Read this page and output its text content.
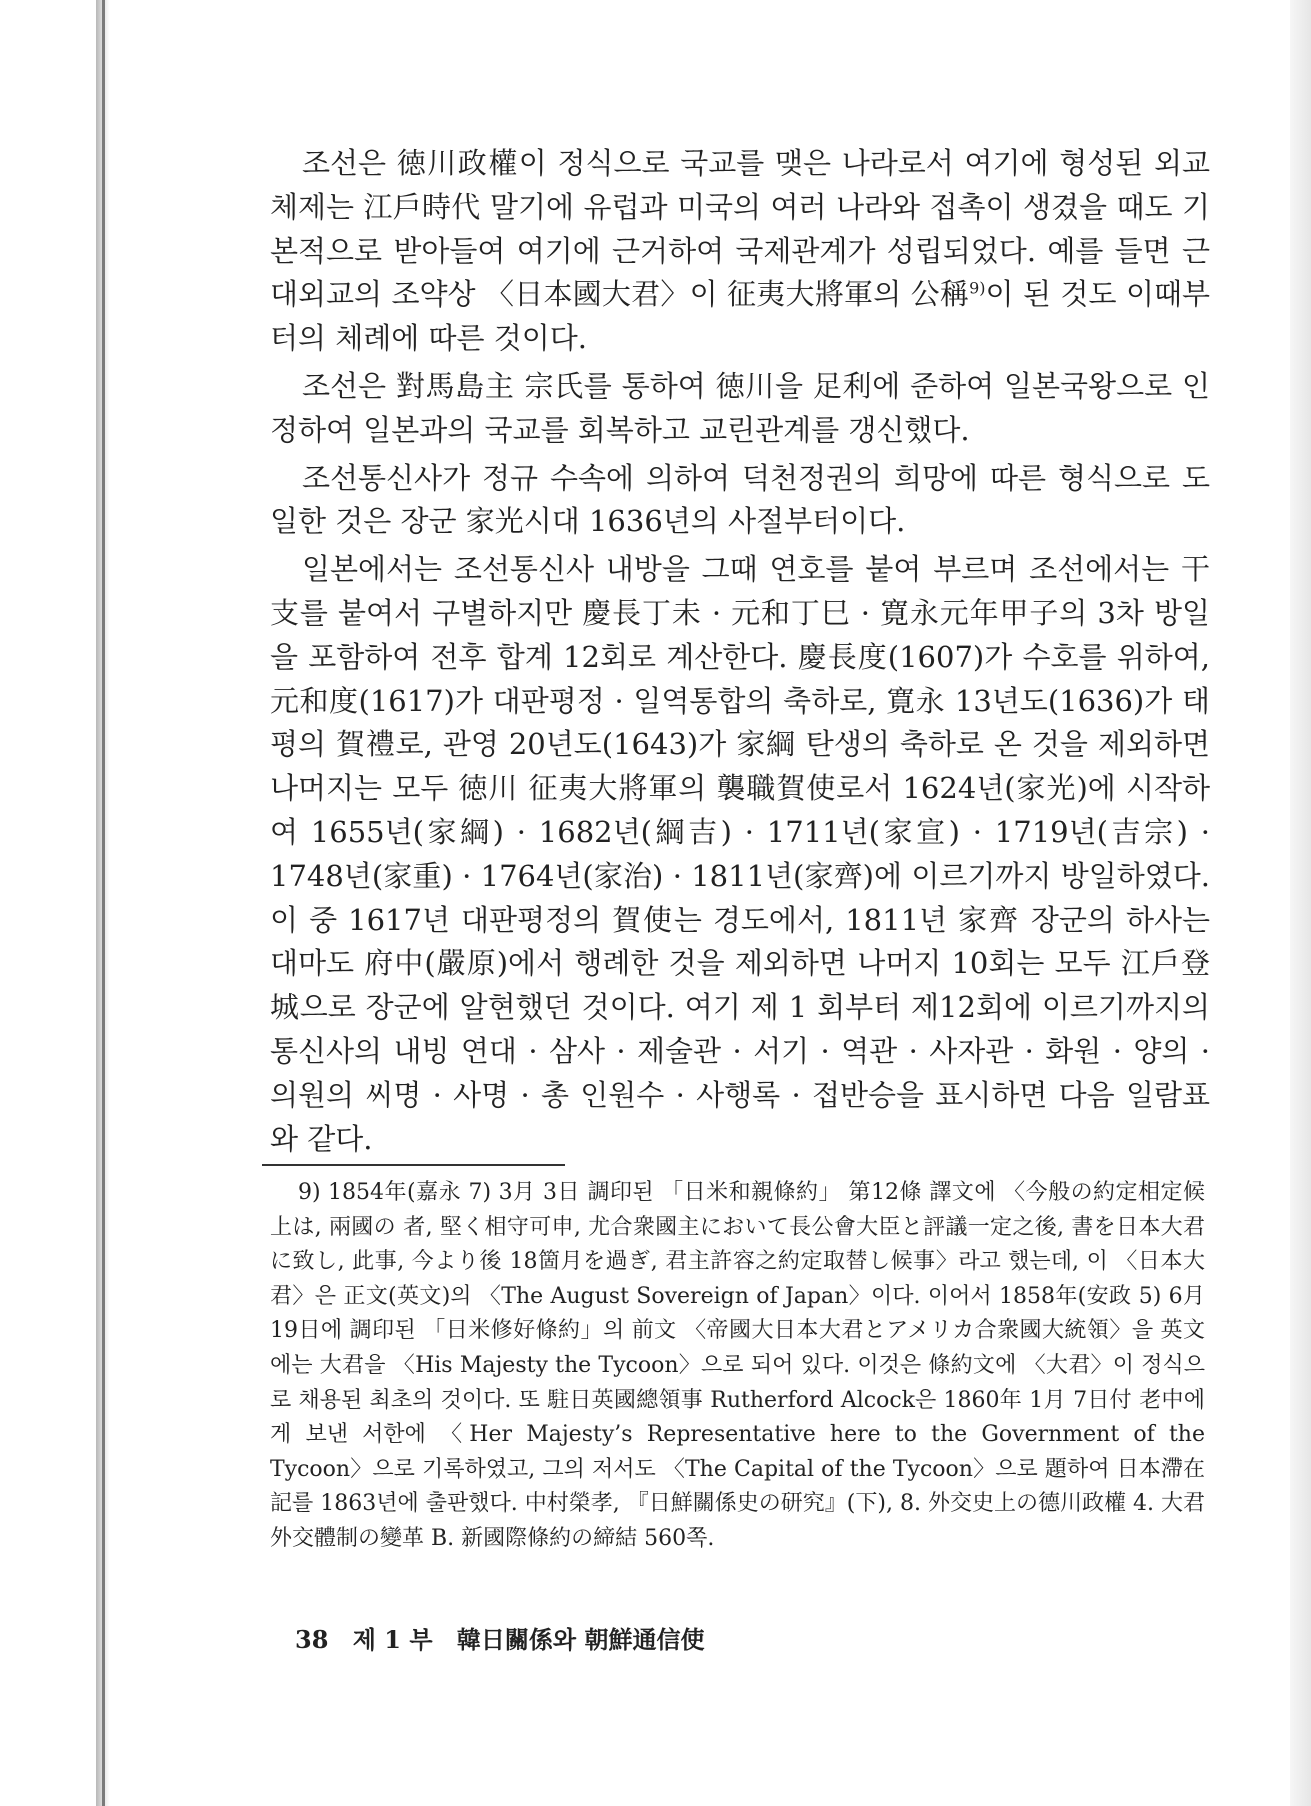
조선은 徳川政權이 정식으로 국교를 맺은 나라로서 여기에 형성된 외교체제는 江戶時代 말기에 유럽과 미국의 여러 나라와 접촉이 생겼을 때도 기본적으로 받아들여 여기에 근거하여 국제관계가 성립되었다. 예를 들면 근대외교의 조약상 〈日本國大君〉이 征夷大將軍의 公稱$^{9)}$이 된 것도 이때부터의 체례에 따른 것이다.

조선은 對馬島主 宗氏를 통하여 徳川을 足利에 준하여 일본국왕으로 인정하여 일본과의 국교를 회복하고 교린관계를 갱신했다.

조선통신사가 정규 수속에 의하여 덕천정권의 희망에 따른 형식으로 도일한 것은 장군 家光시대 1636년의 사절부터이다.

일본에서는 조선통신사 내방을 그때 연호를 붙여 부르며 조선에서는 干支를 붙여서 구별하지만 慶長丁未 · 元和丁巳 · 寛永元年甲子의 3차 방일을 포함하여 전후 합계 12회로 계산한다. 慶長度(1607)가 수호를 위하여, 元和度(1617)가 대판평정 · 일역통합의 축하로, 寛永 13년도(1636)가 태평의 賀禮로, 관영 20년도(1643)가 家綱 탄생의 축하로 온 것을 제외하면 나머지는 모두 徳川 征夷大將軍의 襲職賀使로서 1624년(家光)에 시작하여 1655년(家綱) · 1682년(綱吉) · 1711년(家宣) · 1719년(吉宗) · 1748년(家重) · 1764년(家治) · 1811년(家齊)에 이르기까지 방일하였다. 이 중 1617년 대판평정의 賀使는 경도에서, 1811년 家齊 장군의 하사는 대마도 府中(嚴原)에서 행례한 것을 제외하면 나머지 10회는 모두 江戶登城으로 장군에 알현했던 것이다. 여기 제 1 회부터 제12회에 이르기까지의 통신사의 내빙 연대 · 삼사 · 제술관 · 서기 · 역관 · 사자관 · 화원 · 양의 · 의원의 씨명 · 사명 · 총 인원수 · 사행록 · 접반승을 표시하면 다음 일람표와 같다.

9) 1854年(嘉永 7) 3月 3日 調印된 「日米和親條約」 第12條 譯文에 〈今般の約定相定候上は, 兩國の 者, 堅く相守可申, 尤合衆國主において長公會大臣と評議一定之後, 書を日本大君に致し, 此事, 今より後 18箇月を過ぎ, 君主許容之約定取替し候事〉라고 했는데, 이 〈日本大君〉은 正文(英文)의 〈The August Sovereign of Japan〉이다. 이어서 1858年(安政 5) 6月 19日에 調印된 「日米修好條約」의 前文 〈帝國大日本大君とアメリカ合衆國大統領〉을 英文에는 大君을 〈His Majesty the Tycoon〉으로 되어 있다. 이것은 條約文에 〈大君〉이 정식으로 채용된 최초의 것이다. 또 駐日英國總領事 Rutherford Alcock은 1860年 1月 7日付 老中에게 보낸 서한에 〈Her Majesty’s Representative here to the Government of the Tycoon〉으로 기록하였고, 그의 저서도 〈The Capital of the Tycoon〉으로 題하여 日本滯在記를 1863년에 출판했다. 中村榮孝, 『日鮮關係史の研究』(下), 8. 外交史上の德川政權 4. 大君外交體制の變革 B. 新國際條約の締結 560쪽.

38 제 1 부 韓日關係와 朝鮮通信使
